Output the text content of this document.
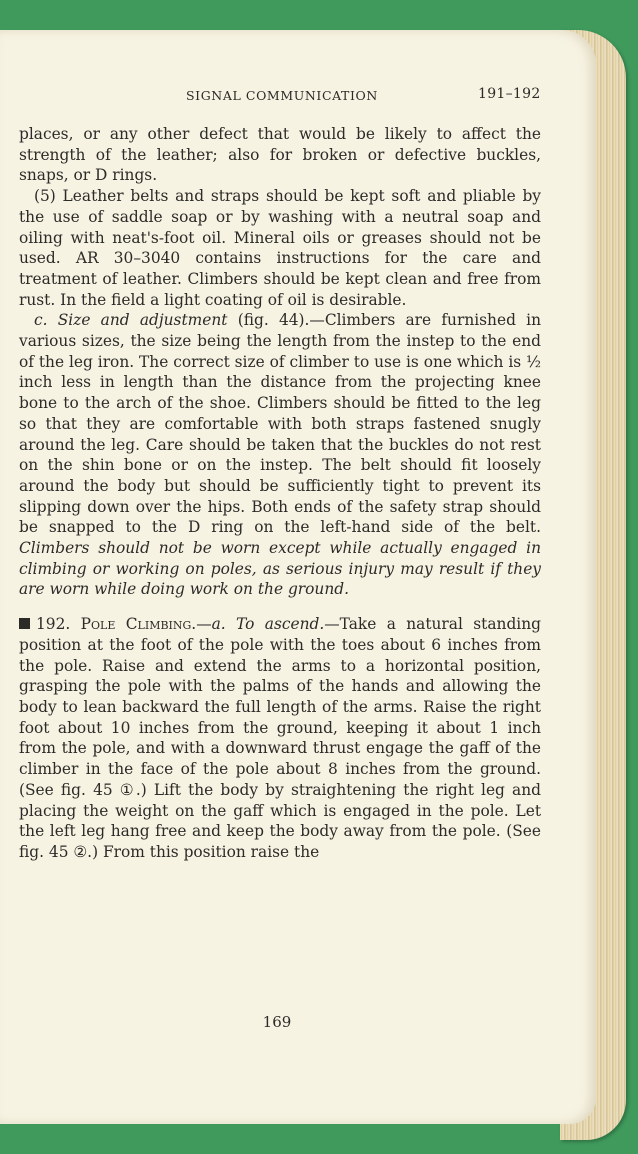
SIGNAL COMMUNICATION	191–192

places, or any other defect that would be likely to affect the strength of the leather; also for broken or defective buckles, snaps, or D rings.

(5) Leather belts and straps should be kept soft and pliable by the use of saddle soap or by washing with a neutral soap and oiling with neat's-foot oil. Mineral oils or greases should not be used. AR 30–3040 contains instructions for the care and treatment of leather. Climbers should be kept clean and free from rust. In the field a light coating of oil is desirable.

c. Size and adjustment (fig. 44).—Climbers are furnished in various sizes, the size being the length from the instep to the end of the leg iron. The correct size of climber to use is one which is ½ inch less in length than the distance from the projecting knee bone to the arch of the shoe. Climbers should be fitted to the leg so that they are comfortable with both straps fastened snugly around the leg. Care should be taken that the buckles do not rest on the shin bone or on the instep. The belt should fit loosely around the body but should be sufficiently tight to prevent its slipping down over the hips. Both ends of the safety strap should be snapped to the D ring on the left-hand side of the belt. Climbers should not be worn except while actually engaged in climbing or working on poles, as serious injury may result if they are worn while doing work on the ground.

192. Pole Climbing.—a. To ascend.—Take a natural standing position at the foot of the pole with the toes about 6 inches from the pole. Raise and extend the arms to a horizontal position, grasping the pole with the palms of the hands and allowing the body to lean backward the full length of the arms. Raise the right foot about 10 inches from the ground, keeping it about 1 inch from the pole, and with a downward thrust engage the gaff of the climber in the face of the pole about 8 inches from the ground. (See fig. 45 ①.) Lift the body by straightening the right leg and placing the weight on the gaff which is engaged in the pole. Let the left leg hang free and keep the body away from the pole. (See fig. 45 ②.) From this position raise the

169
